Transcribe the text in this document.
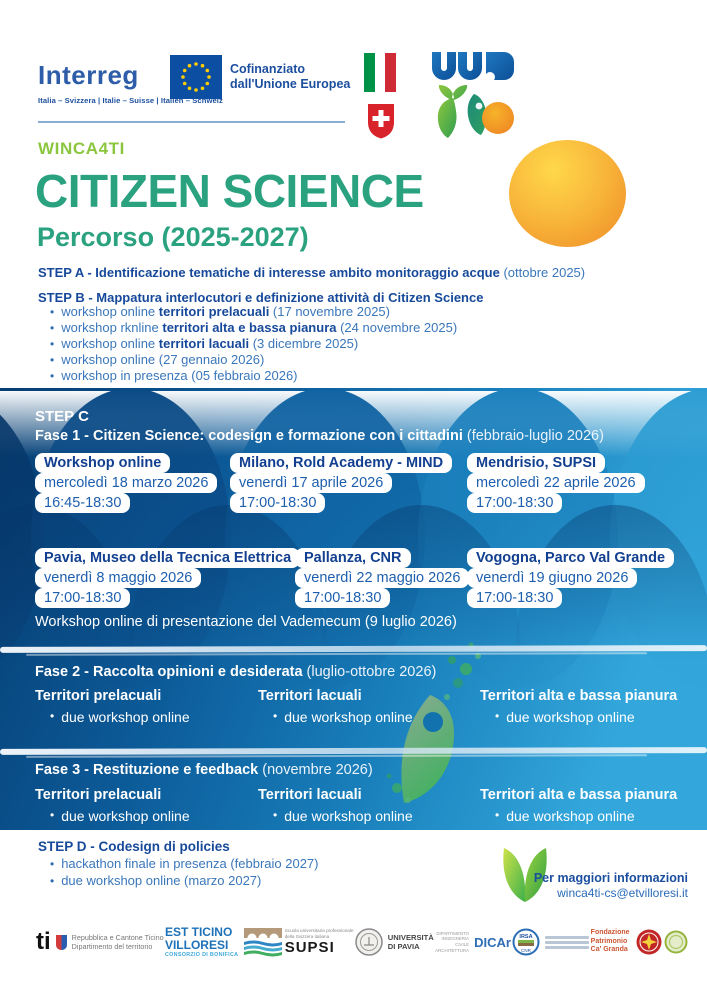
Interreg	Cofinanziato
dall'Unione Europea
Italia – Svizzera | Italie – Suisse | Italien – Schweiz
WINCA4TI
CITIZEN SCIENCE
Percorso (2025-2027)
STEP A - Identificazione tematiche di interesse ambito monitoraggio acque (ottobre 2025)
STEP B - Mappatura interlocutori e definizione attività di Citizen Science
• workshop online territori prelacuali (17 novembre 2025)
• workshop rknline territori alta e bassa pianura (24 novembre 2025)
• workshop online territori lacuali (3 dicembre 2025)
• workshop online (27 gennaio 2026)
• workshop in presenza (05 febbraio 2026)
STEP C
Fase 1 - Citizen Science: codesign e formazione con i cittadini (febbraio-luglio 2026)
Workshop online
mercoledì 18 marzo 2026
16:45-18:30
Milano, Rold Academy - MIND
venerdì 17 aprile 2026
17:00-18:30
Mendrisio, SUPSI
mercoledì 22 aprile 2026
17:00-18:30
Pavia, Museo della Tecnica Elettrica
venerdì 8 maggio 2026
17:00-18:30
Pallanza, CNR
venerdì 22 maggio 2026
17:00-18:30
Vogogna, Parco Val Grande
venerdì 19 giugno 2026
17:00-18:30
Workshop online di presentazione del Vademecum (9 luglio 2026)
Fase 2 - Raccolta opinioni e desiderata (luglio-ottobre 2026)
Territori prelacuali
• due workshop online
Territori lacuali
• due workshop online
Territori alta e bassa pianura
• due workshop online
Fase 3 - Restituzione e feedback (novembre 2026)
Territori prelacuali
• due workshop online
Territori lacuali
• due workshop online
Territori alta e bassa pianura
• due workshop online
STEP D - Codesign di policies
• hackathon finale in presenza (febbraio 2027)
• due workshop online (marzo 2027)	Per maggiori informazioni
winca4ti-cs@etvilloresi.it
ti	Repubblica e Cantone Ticino
Dipartimento del territorio
EST TICINO
VILLORESI
CONSORZIO DI BONIFICA
Scuola universitaria professionale
della Svizzera italiana
SUPSI
UNIVERSITÀ
DI PAVIA
DIPARTIMENTO
INGEGNERIA
CIVILE
ARCHITETTURA
DICAr IRSA
CNR
Fondazione
Patrimonio
Ca' Granda
